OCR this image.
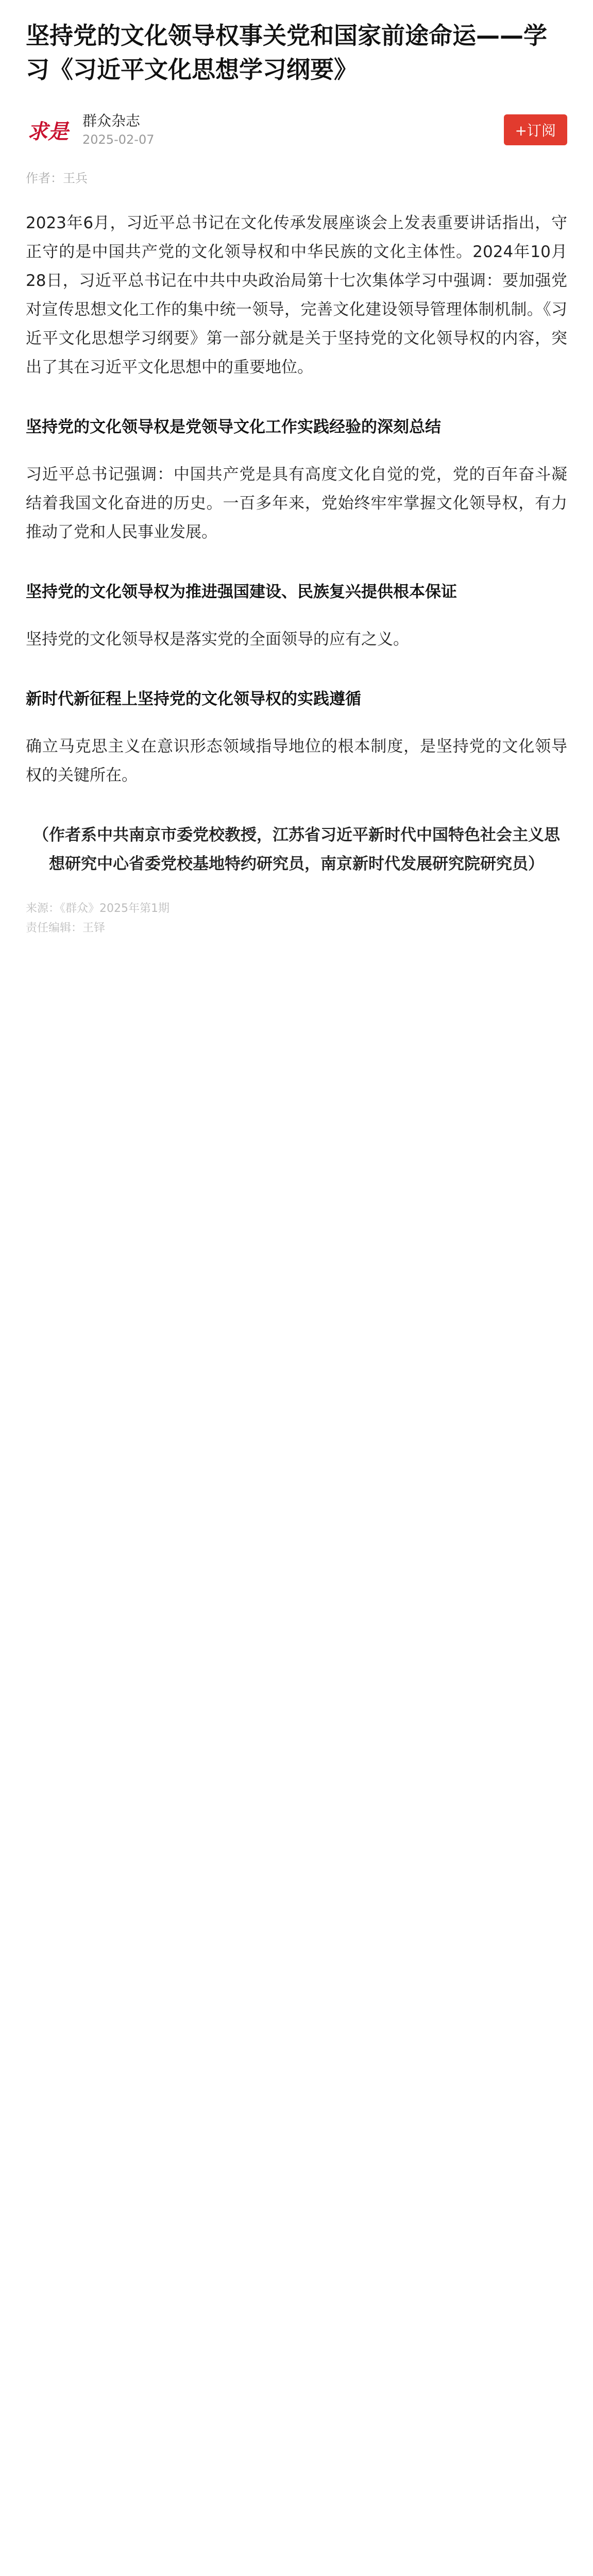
坚持党的文化领导权事关党和国家前途命运——学习《习近平文化思想学习纲要》
求是 群众杂志
2025-02-07
+订阅
作者：王兵

2023年6月，习近平总书记在文化传承发展座谈会上发表重要讲话指出，守正守的是中国共产党的文化领导权和中华民族的文化主体性。2024年10月28日，习近平总书记在中共中央政治局第十七次集体学习中强调：要加强党对宣传思想文化工作的集中统一领导，完善文化建设领导管理体制机制。《习近平文化思想学习纲要》第一部分就是关于坚持党的文化领导权的内容，突出了其在习近平文化思想中的重要地位。

坚持党的文化领导权是党领导文化工作实践经验的深刻总结

习近平总书记强调：中国共产党是具有高度文化自觉的党，党的百年奋斗凝结着我国文化奋进的历史。一百多年来，党始终牢牢掌握文化领导权，有力推动了党和人民事业发展。

坚持党的文化领导权为推进强国建设、民族复兴提供根本保证

坚持党的文化领导权是落实党的全面领导的应有之义。

新时代新征程上坚持党的文化领导权的实践遵循

确立马克思主义在意识形态领域指导地位的根本制度，是坚持党的文化领导权的关键所在。

（作者系中共南京市委党校教授，江苏省习近平新时代中国特色社会主义思想研究中心省委党校基地特约研究员，南京新时代发展研究院研究员）
来源：《群众》2025年第1期
责任编辑：王铎
